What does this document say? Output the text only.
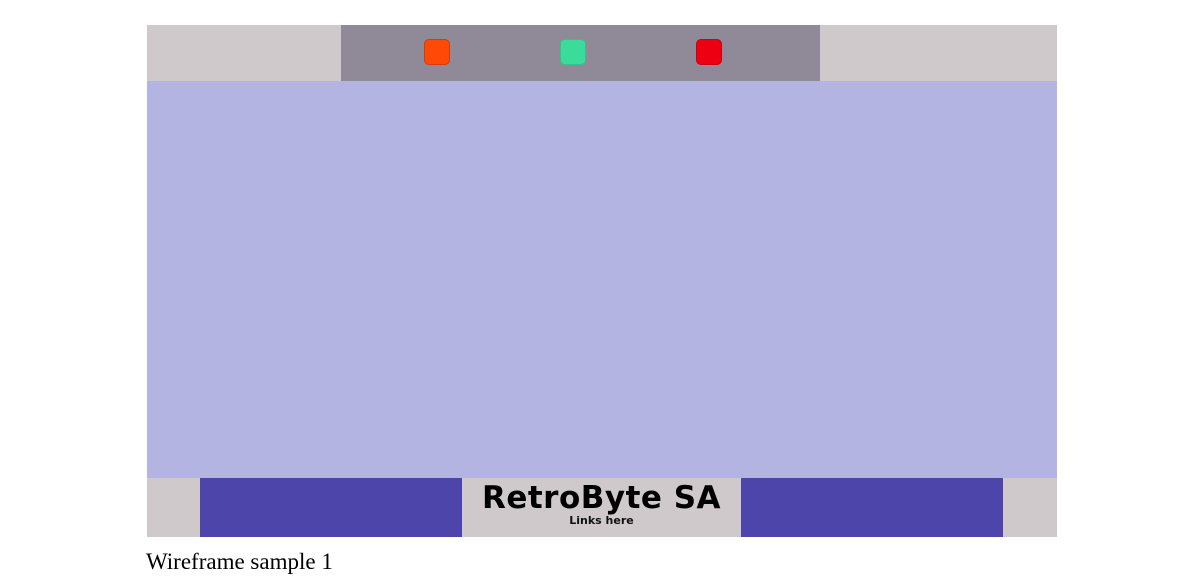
RetroByte SA
Links here
Wireframe sample 1
